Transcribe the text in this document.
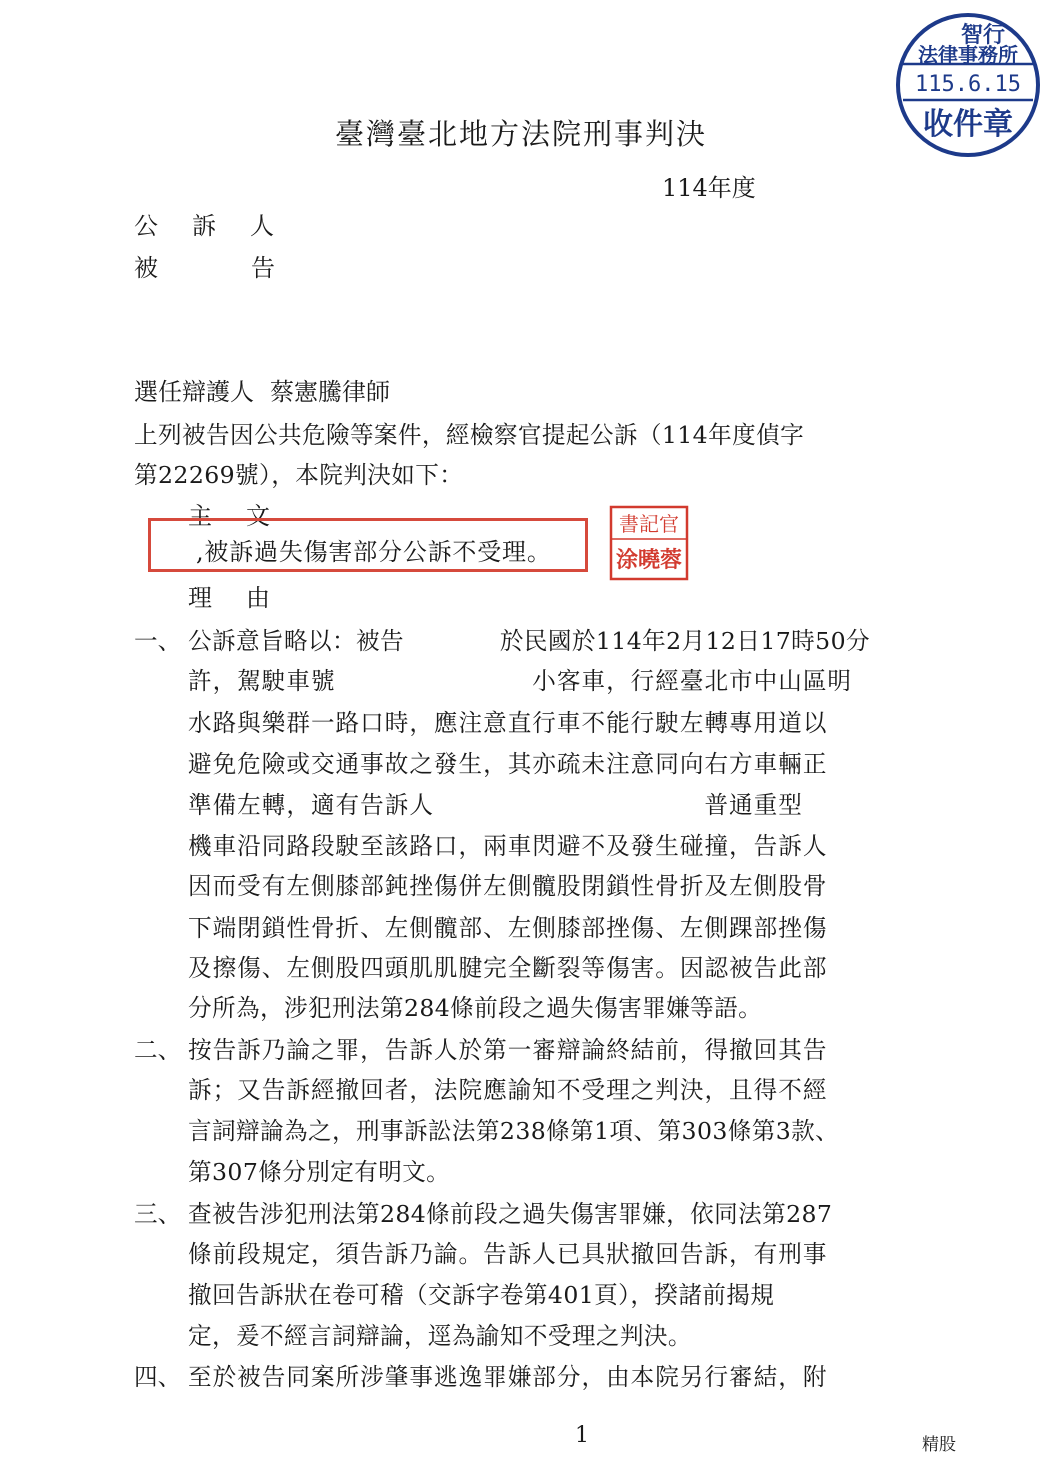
智行
法律事務所
115.6.15
收件章
臺灣臺北地方法院刑事判決
114年度
公 訴 人
被	告
選任辯護人 蔡憲騰律師
上列被告因公共危險等案件，經檢察官提起公訴（114年度偵字
第22269號），本院判決如下：
主 文
,被訴過失傷害部分公訴不受理。
書記官
涂曉蓉
理 由
一、 公訴意旨略以：被告　　　　於民國於114年2月12日17時50分
許，駕駛車號　　　　　　　　小客車，行經臺北市中山區明
水路與樂群一路口時，應注意直行車不能行駛左轉專用道以
避免危險或交通事故之發生，其亦疏未注意同向右方車輛正
準備左轉，適有告訴人　　　　　　　　　　　普通重型
機車沿同路段駛至該路口，兩車閃避不及發生碰撞，告訴人
因而受有左側膝部鈍挫傷併左側髖股閉鎖性骨折及左側股骨
下端閉鎖性骨折、左側髖部、左側膝部挫傷、左側踝部挫傷
及擦傷、左側股四頭肌肌腱完全斷裂等傷害。因認被告此部
分所為，涉犯刑法第284條前段之過失傷害罪嫌等語。
二、 按告訴乃論之罪，告訴人於第一審辯論終結前，得撤回其告
訴；又告訴經撤回者，法院應諭知不受理之判決，且得不經
言詞辯論為之，刑事訴訟法第238條第1項、第303條第3款、
第307條分別定有明文。
三、 查被告涉犯刑法第284條前段之過失傷害罪嫌，依同法第287
條前段規定，須告訴乃論。告訴人已具狀撤回告訴，有刑事
撤回告訴狀在卷可稽（交訴字卷第401頁），揆諸前揭規
定，爰不經言詞辯論，逕為諭知不受理之判決。
四、 至於被告同案所涉肇事逃逸罪嫌部分，由本院另行審結，附
1	精股
